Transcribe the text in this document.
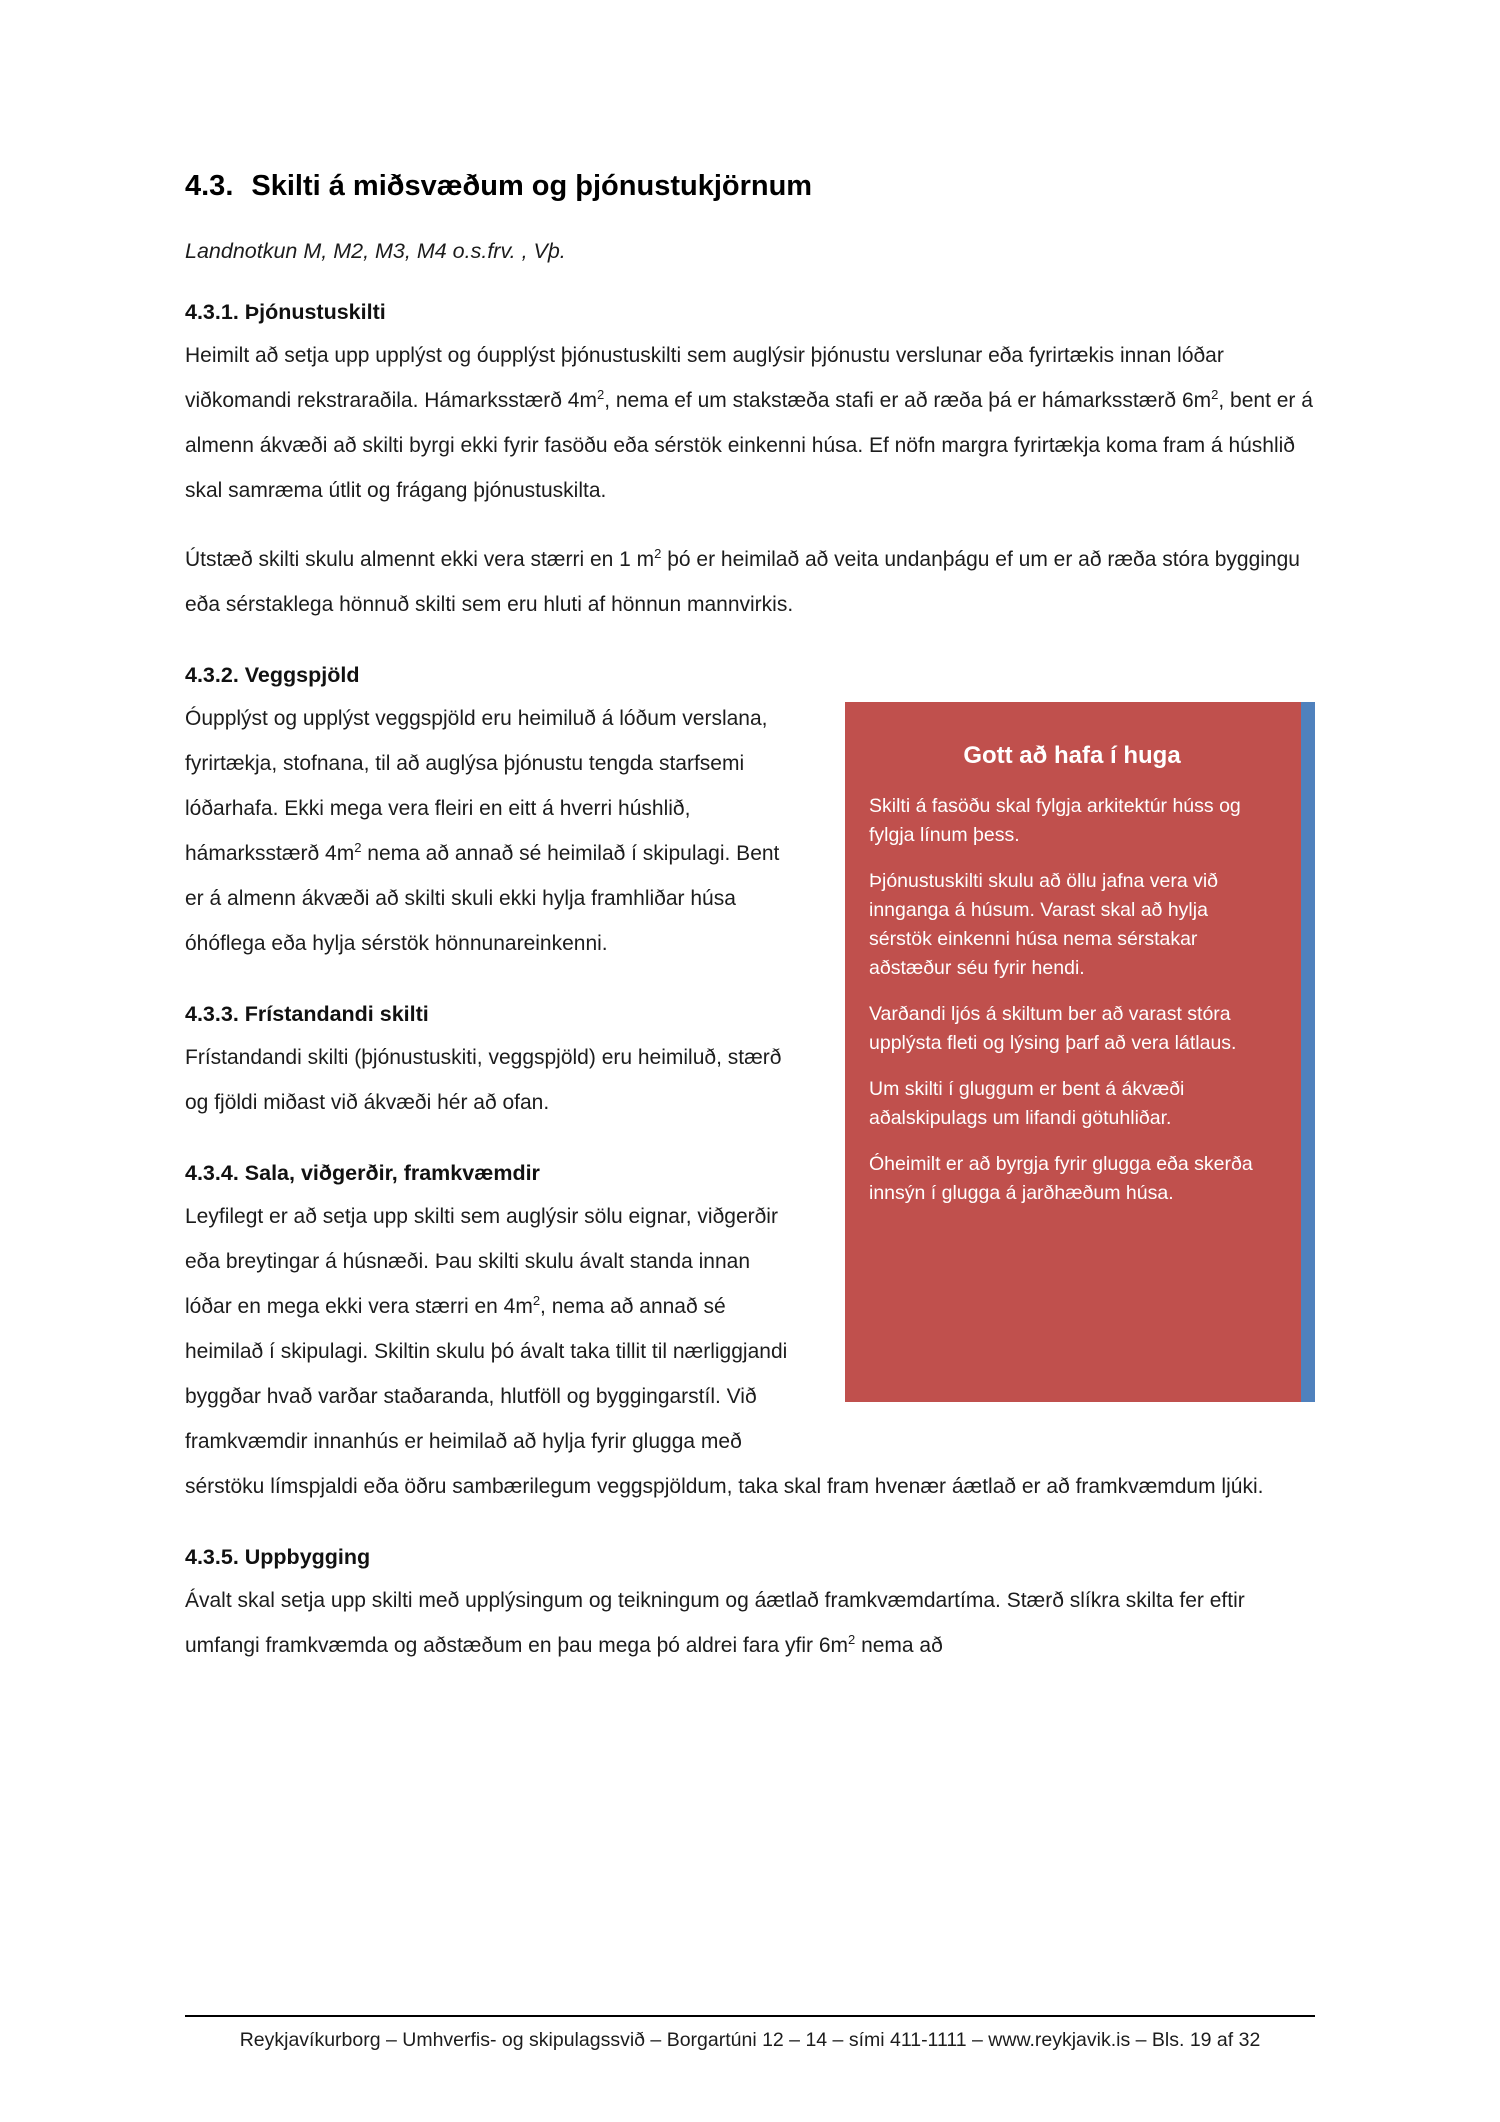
4.3. Skilti á miðsvæðum og þjónustukjörnum

Landnotkun M, M2, M3, M4 o.s.frv. , Vþ.

4.3.1. Þjónustuskilti

Heimilt að setja upp upplýst og óupplýst þjónustuskilti sem auglýsir þjónustu verslunar eða fyrirtækis innan lóðar viðkomandi rekstraraðila. Hámarksstærð $4m^2$, nema ef um stakstæða stafi er að ræða þá er hámarksstærð $6m^2$, bent er á almenn ákvæði að skilti byrgi ekki fyrir fasöðu eða sérstök einkenni húsa. Ef nöfn margra fyrirtækja koma fram á húshlið skal samræma útlit og frágang þjónustuskilta.

Útstæð skilti skulu almennt ekki vera stærri en 1 $m^2$ þó er heimilað að veita undanþágu ef um er að ræða stóra byggingu eða sérstaklega hönnuð skilti sem eru hluti af hönnun mannvirkis.

4.3.2. Veggspjöld
Gott að hafa í huga

Skilti á fasöðu skal fylgja arkitektúr húss og fylgja línum þess.

Þjónustuskilti skulu að öllu jafna vera við innganga á húsum. Varast skal að hylja sérstök einkenni húsa nema sérstakar aðstæður séu fyrir hendi.

Varðandi ljós á skiltum ber að varast stóra upplýsta fleti og lýsing þarf að vera látlaus.

Um skilti í gluggum er bent á ákvæði aðalskipulags um lifandi götuhliðar.

Óheimilt er að byrgja fyrir glugga eða skerða innsýn í glugga á jarðhæðum húsa.

Óupplýst og upplýst veggspjöld eru heimiluð á lóðum verslana, fyrirtækja, stofnana, til að auglýsa þjónustu tengda starfsemi lóðarhafa. Ekki mega vera fleiri en eitt á hverri húshlið, hámarksstærð $4m^2$ nema að annað sé heimilað í skipulagi. Bent er á almenn ákvæði að skilti skuli ekki hylja framhliðar húsa óhóflega eða hylja sérstök hönnunareinkenni.

4.3.3. Frístandandi skilti

Frístandandi skilti (þjónustuskiti, veggspjöld) eru heimiluð, stærð og fjöldi miðast við ákvæði hér að ofan.

4.3.4. Sala, viðgerðir, framkvæmdir

Leyfilegt er að setja upp skilti sem auglýsir sölu eignar, viðgerðir eða breytingar á húsnæði. Þau skilti skulu ávalt standa innan lóðar en mega ekki vera stærri en $4m^2$, nema að annað sé heimilað í skipulagi. Skiltin skulu þó ávalt taka tillit til nærliggjandi byggðar hvað varðar staðaranda, hlutföll og byggingarstíl. Við framkvæmdir innanhús er heimilað að hylja fyrir glugga með sérstöku límspjaldi eða öðru sambærilegum veggspjöldum, taka skal fram hvenær áætlað er að framkvæmdum ljúki.

4.3.5. Uppbygging

Ávalt skal setja upp skilti með upplýsingum og teikningum og áætlað framkvæmdartíma. Stærð slíkra skilta fer eftir umfangi framkvæmda og aðstæðum en þau mega þó aldrei fara yfir $6m^2$ nema að

Reykjavíkurborg – Umhverfis- og skipulagssvið – Borgartúni 12 – 14 – sími 411-1111 – www.reykjavik.is – Bls. 19 af 32
